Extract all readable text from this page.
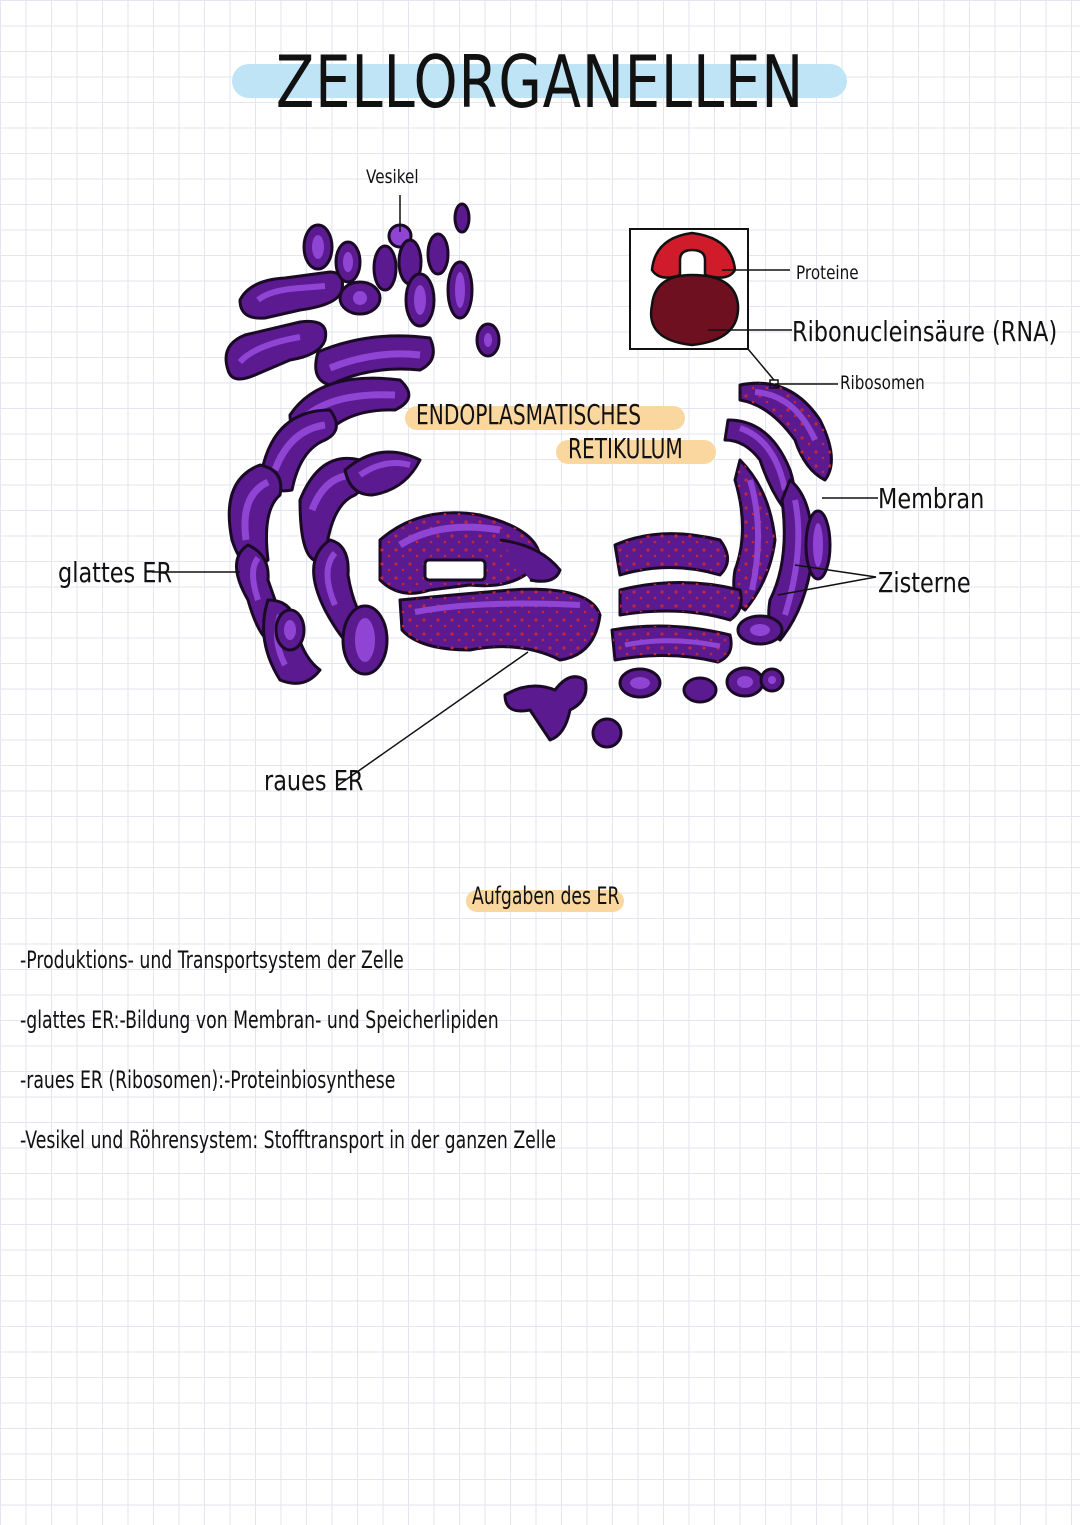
ZELLORGANELLEN
ENDOPLASMATISCHES
RETIKULUM
Vesikel
Proteine
Ribonucleinsäure (RNA)
Ribosomen
Membran
Zisterne
glattes ER
raues ER
Aufgaben des ER
-Produktions- und Transportsystem der Zelle
-glattes ER:-Bildung von Membran- und Speicherlipiden
-raues ER (Ribosomen):-Proteinbiosynthese
-Vesikel und Röhrensystem: Stofftransport in der ganzen Zelle
